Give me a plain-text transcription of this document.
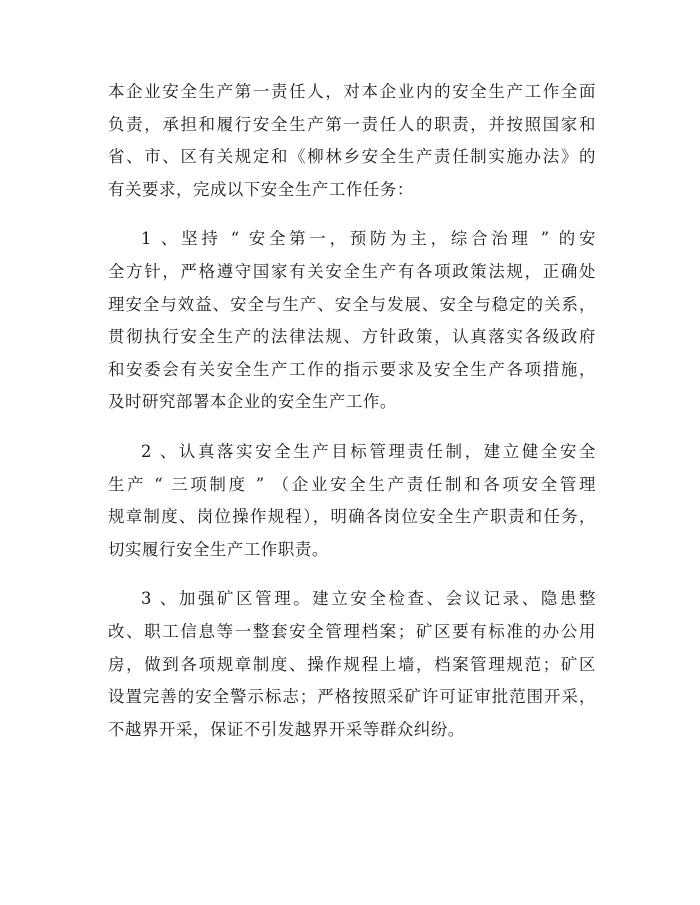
本企业安全生产第一责任人，对本企业内的安全生产工作全面
负责，承担和履行安全生产第一责任人的职责，并按照国家和
省、市、区有关规定和《柳林乡安全生产责任制实施办法》的
有关要求，完成以下安全生产工作任务：
1 、坚持 “ 安全第一，预防为主，综合治理 ” 的安
全方针，严格遵守国家有关安全生产有各项政策法规，正确处
理安全与效益、安全与生产、安全与发展、安全与稳定的关系，
贯彻执行安全生产的法律法规、方针政策，认真落实各级政府
和安委会有关安全生产工作的指示要求及安全生产各项措施，
及时研究部署本企业的安全生产工作。
2 、认真落实安全生产目标管理责任制，建立健全安全
生产 “ 三项制度 ” （企业安全生产责任制和各项安全管理
规章制度、岗位操作规程），明确各岗位安全生产职责和任务，
切实履行安全生产工作职责。
3 、加强矿区管理。建立安全检查、会议记录、隐患整
改、职工信息等一整套安全管理档案；矿区要有标准的办公用
房，做到各项规章制度、操作规程上墙，档案管理规范；矿区
设置完善的安全警示标志；严格按照采矿许可证审批范围开采，
不越界开采，保证不引发越界开采等群众纠纷。
